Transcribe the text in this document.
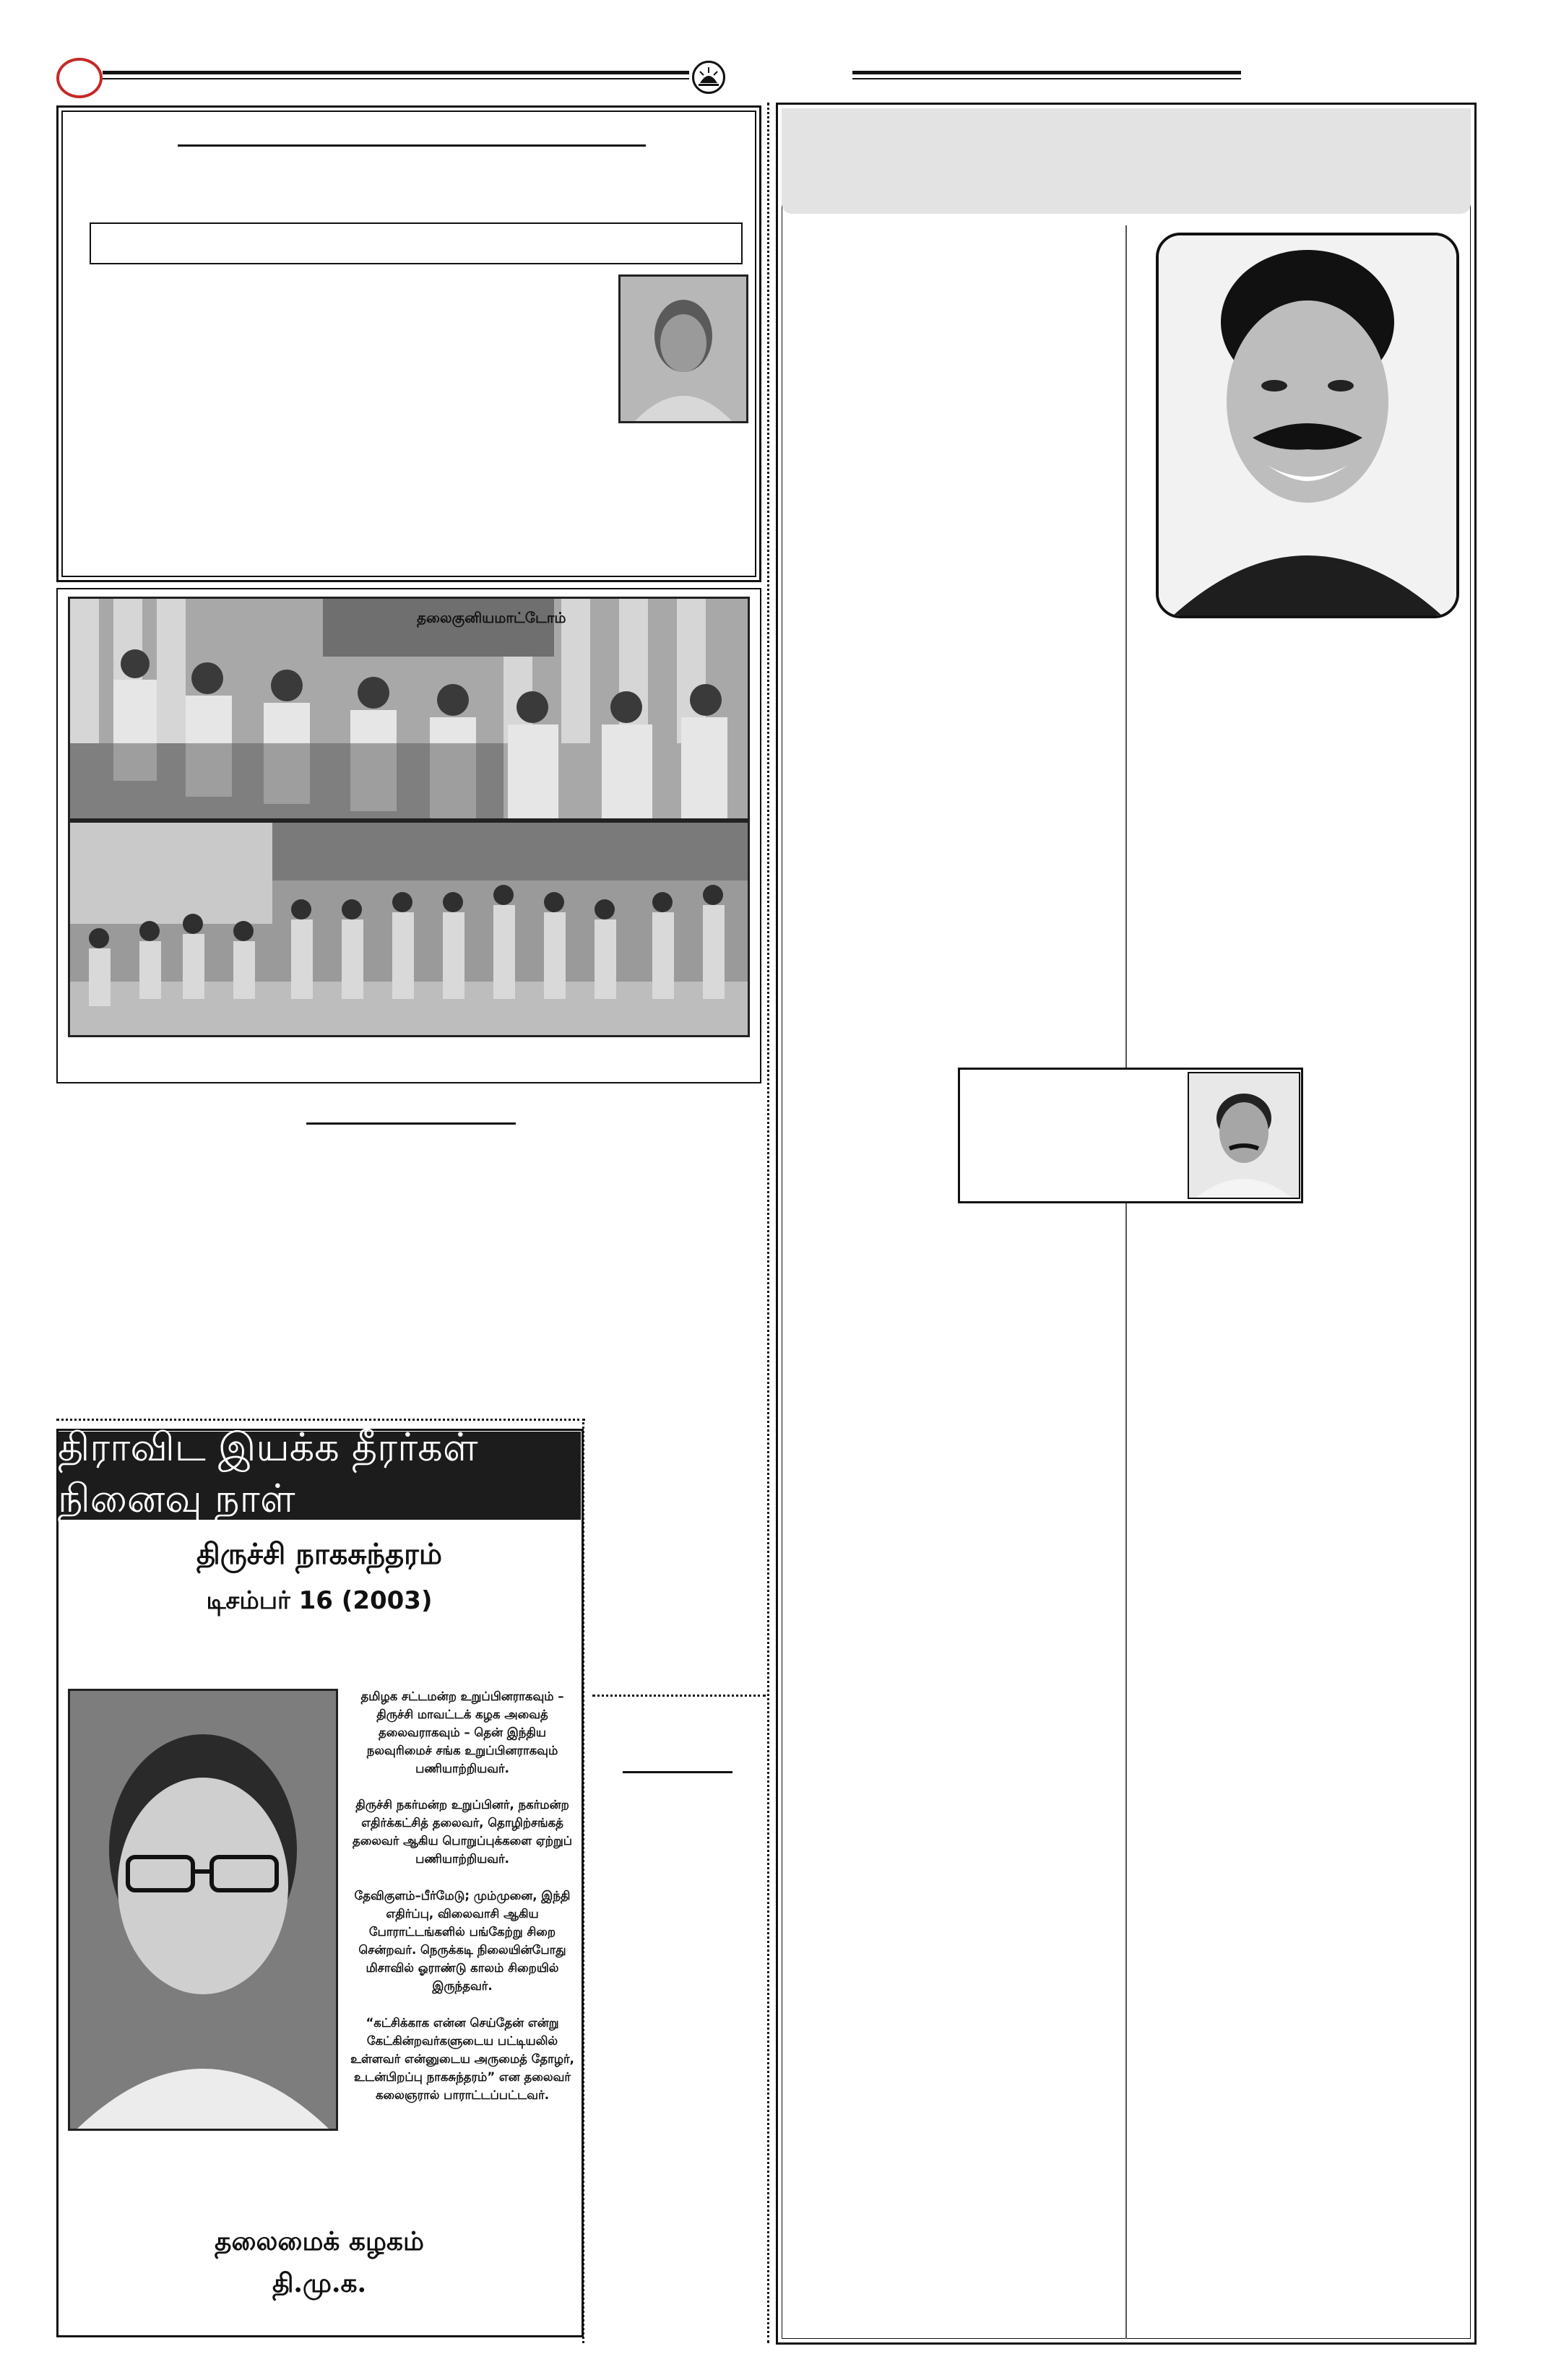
தலைகுனியமாட்டோம்
திராவிட இயக்க தீரர்கள் நினைவு நாள்
திருச்சி நாகசுந்தரம்
டிசம்பர் 16 (2003)
தமிழக சட்டமன்ற உறுப்பினராகவும் – திருச்சி மாவட்டக் கழக அவைத் தலைவராகவும் – தென் இந்திய நலவுரிமைச் சங்க உறுப்பினராகவும் பணியாற்றியவர்.
திருச்சி நகர்மன்ற உறுப்பினர், நகர்மன்ற எதிர்க்கட்சித் தலைவர், தொழிற்சங்கத் தலைவர் ஆகிய பொறுப்புக்களை ஏற்றுப் பணியாற்றியவர்.
தேவிகுளம்–பீர்மேடு; மும்முனை, இந்தி எதிர்ப்பு, விலைவாசி ஆகிய போராட்டங்களில் பங்கேற்று சிறை சென்றவர். நெருக்கடி நிலையின்போது மிசாவில் ஓராண்டு காலம் சிறையில் இருந்தவர்.
“கட்சிக்காக என்ன செய்தேன் என்று கேட்கின்றவர்களுடைய பட்டியலில் உள்ளவர் என்னுடைய அருமைத் தோழர், உடன்பிறப்பு நாகசுந்தரம்” என தலைவர் கலைஞரால் பாராட்டப்பட்டவர்.
தலைமைக் கழகம்
தி.மு.க.
